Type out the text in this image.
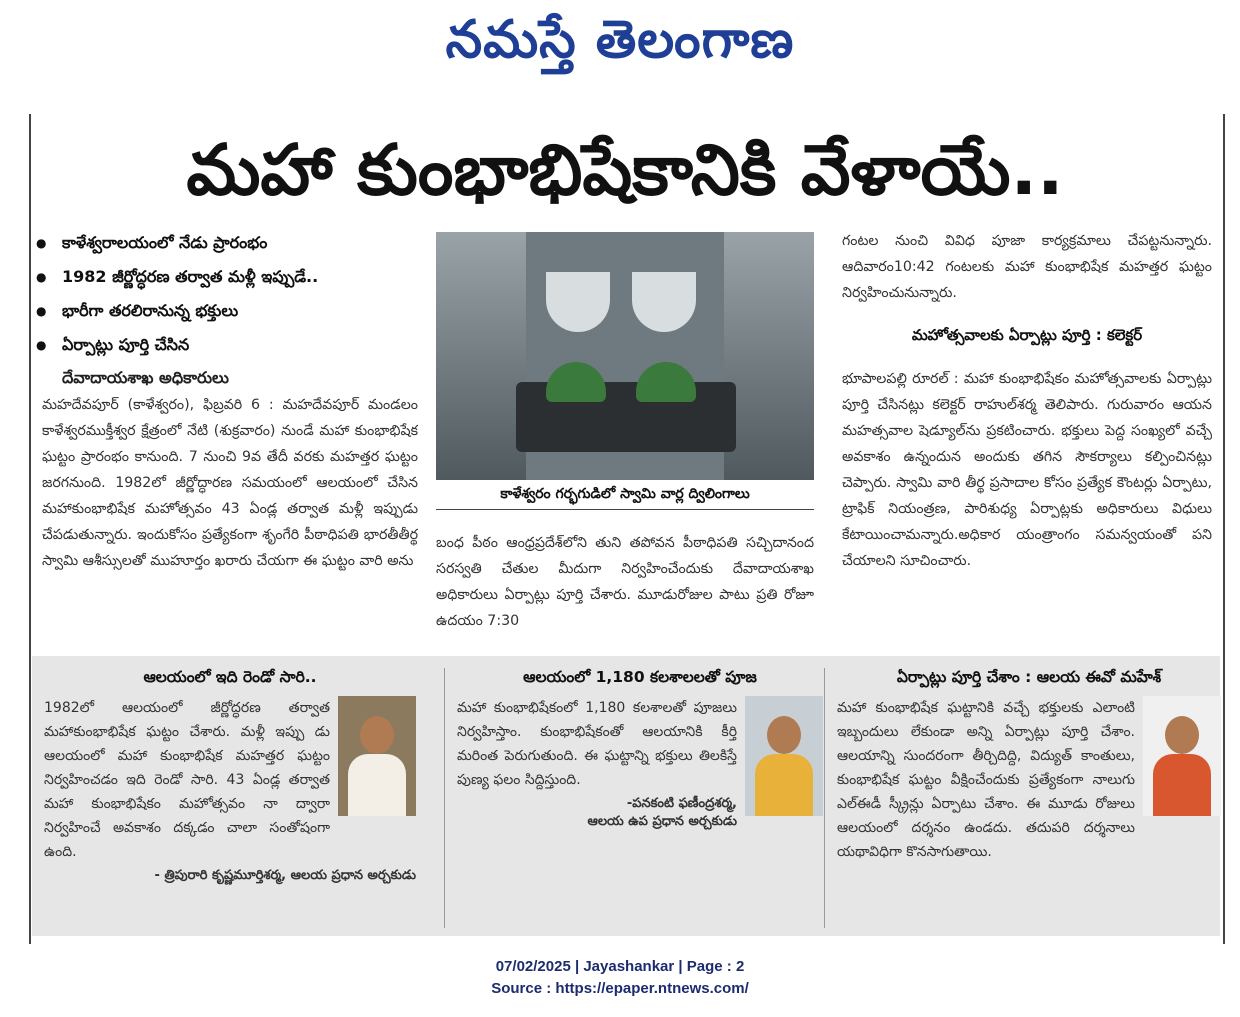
నమస్తే తెలంగాణ
మహా కుంభాభిషేకానికి వేళాయే..
● కాళేశ్వరాలయంలో నేడు ప్రారంభం
● 1982 జీర్ణోద్ధరణ తర్వాత మళ్లీ ఇప్పుడే..
● భారీగా తరలిరానున్న భక్తులు
● ఏర్పాట్లు పూర్తి చేసిన
దేవాదాయశాఖ అధికారులు
మహదేవపూర్ (కాళేశ్వరం), ఫిబ్రవరి 6 : మహదేవపూర్ మండలం కాళేశ్వరముక్తీశ్వర క్షేత్రంలో నేటి (శుక్రవారం) నుండే మహా కుంభాభిషేక ఘట్టం ప్రారంభం కానుంది. 7 నుంచి 9వ తేదీ వరకు మహత్తర ఘట్టం జరగనుంది. 1982లో జీర్ణోద్ధారణ సమయంలో ఆలయంలో చేసిన మహాకుంభాభిషేక మహోత్సవం 43 ఏండ్ల తర్వాత మళ్లీ ఇప్పుడు చేపడుతున్నారు. ఇందుకోసం ప్రత్యేకంగా శృంగేరి పీఠాధిపతి భారతీతీర్థ స్వామి ఆశీస్సులతో ముహూర్తం ఖరారు చేయగా ఈ ఘట్టం వారి అను
కాళేశ్వరం గర్భగుడిలో స్వామి వార్ల ద్విలింగాలు
బంధ పీఠం ఆంధ్రప్రదేశ్‌లోని తుని తపోవన పీఠాధిపతి సచ్చిదానంద సరస్వతి చేతుల మీదుగా నిర్వహించేందుకు దేవాదాయశాఖ అధికారులు ఏర్పాట్లు పూర్తి చేశారు. మూడురోజుల పాటు ప్రతి రోజూ ఉదయం 7:30
గంటల నుంచి వివిధ పూజా కార్యక్రమాలు చేపట్టనున్నారు. ఆదివారం10:42 గంటలకు మహా కుంభాభిషేక మహత్తర ఘట్టం నిర్వహించునున్నారు.
మహోత్సవాలకు ఏర్పాట్లు పూర్తి : కలెక్టర్
భూపాలపల్లి రూరల్ : మహా కుంభాభిషేకం మహోత్సవాలకు ఏర్పాట్లు పూర్తి చేసినట్లు కలెక్టర్ రాహుల్‌శర్మ తెలిపారు. గురువారం ఆయన మహత్సవాల షెడ్యూల్‌ను ప్రకటించారు. భక్తులు పెద్ద సంఖ్యలో వచ్చే అవకాశం ఉన్నందున అందుకు తగిన సౌకర్యాలు కల్పించినట్లు చెప్పారు. స్వామి వారి తీర్థ ప్రసాదాల కోసం ప్రత్యేక కౌంటర్లు ఏర్పాటు, ట్రాఫిక్ నియంత్రణ, పారిశుధ్య ఏర్పాట్లకు అధికారులు విధులు కేటాయించామన్నారు.అధికార యంత్రాంగం సమన్వయంతో పని చేయాలని సూచించారు.
ఆలయంలో ఇది రెండో సారి..

1982లో ఆలయంలో జీర్ణోద్ధరణ తర్వాత మహాకుంభాభిషేక ఘట్టం చేశారు. మళ్లీ ఇప్పు డు ఆలయంలో మహా కుంభాభిషేక మహత్తర ఘట్టం నిర్వహించడం ఇది రెండో సారి. 43 ఏండ్ల తర్వాత మహా కుంభాభిషేకం మహోత్సవం నా ద్వారా నిర్వహించే అవకాశం దక్కడం చాలా సంతోషంగా ఉంది.

- త్రిపురారి కృష్ణమూర్తిశర్మ, ఆలయ ప్రధాన అర్చకుడు
ఆలయంలో 1,180 కలశాలలతో పూజ

మహా కుంభాభిషేకంలో 1,180 కలశాలతో పూజలు నిర్వహిస్తాం. కుంభాభిషేకంతో ఆలయానికి కీర్తి మరింత పెరుగుతుంది. ఈ ఘట్టాన్ని భక్తులు తిలకిస్తే పుణ్య ఫలం సిద్దిస్తుంది.

-పనకంటి ఫణీంద్రశర్మ,
ఆలయ ఉప ప్రధాన అర్చకుడు
ఏర్పాట్లు పూర్తి చేశాం : ఆలయ ఈవో మహేశ్

మహా కుంభాభిషేక ఘట్టానికి వచ్చే భక్తులకు ఎలాంటి ఇబ్బందులు లేకుండా అన్ని ఏర్పాట్లు పూర్తి చేశాం. ఆలయాన్ని సుందరంగా తీర్చిదిద్ది, విద్యుత్ కాంతులు, కుంభాభిషేక ఘట్టం వీక్షించేందుకు ప్రత్యేకంగా నాలుగు ఎల్ఈడీ స్క్రీన్లు ఏర్పాటు చేశాం. ఈ మూడు రోజులు ఆలయంలో దర్శనం ఉండదు. తదుపరి దర్శనాలు యథావిధిగా కొనసాగుతాయి.

07/02/2025 | Jayashankar | Page : 2
Source : https://epaper.ntnews.com/
